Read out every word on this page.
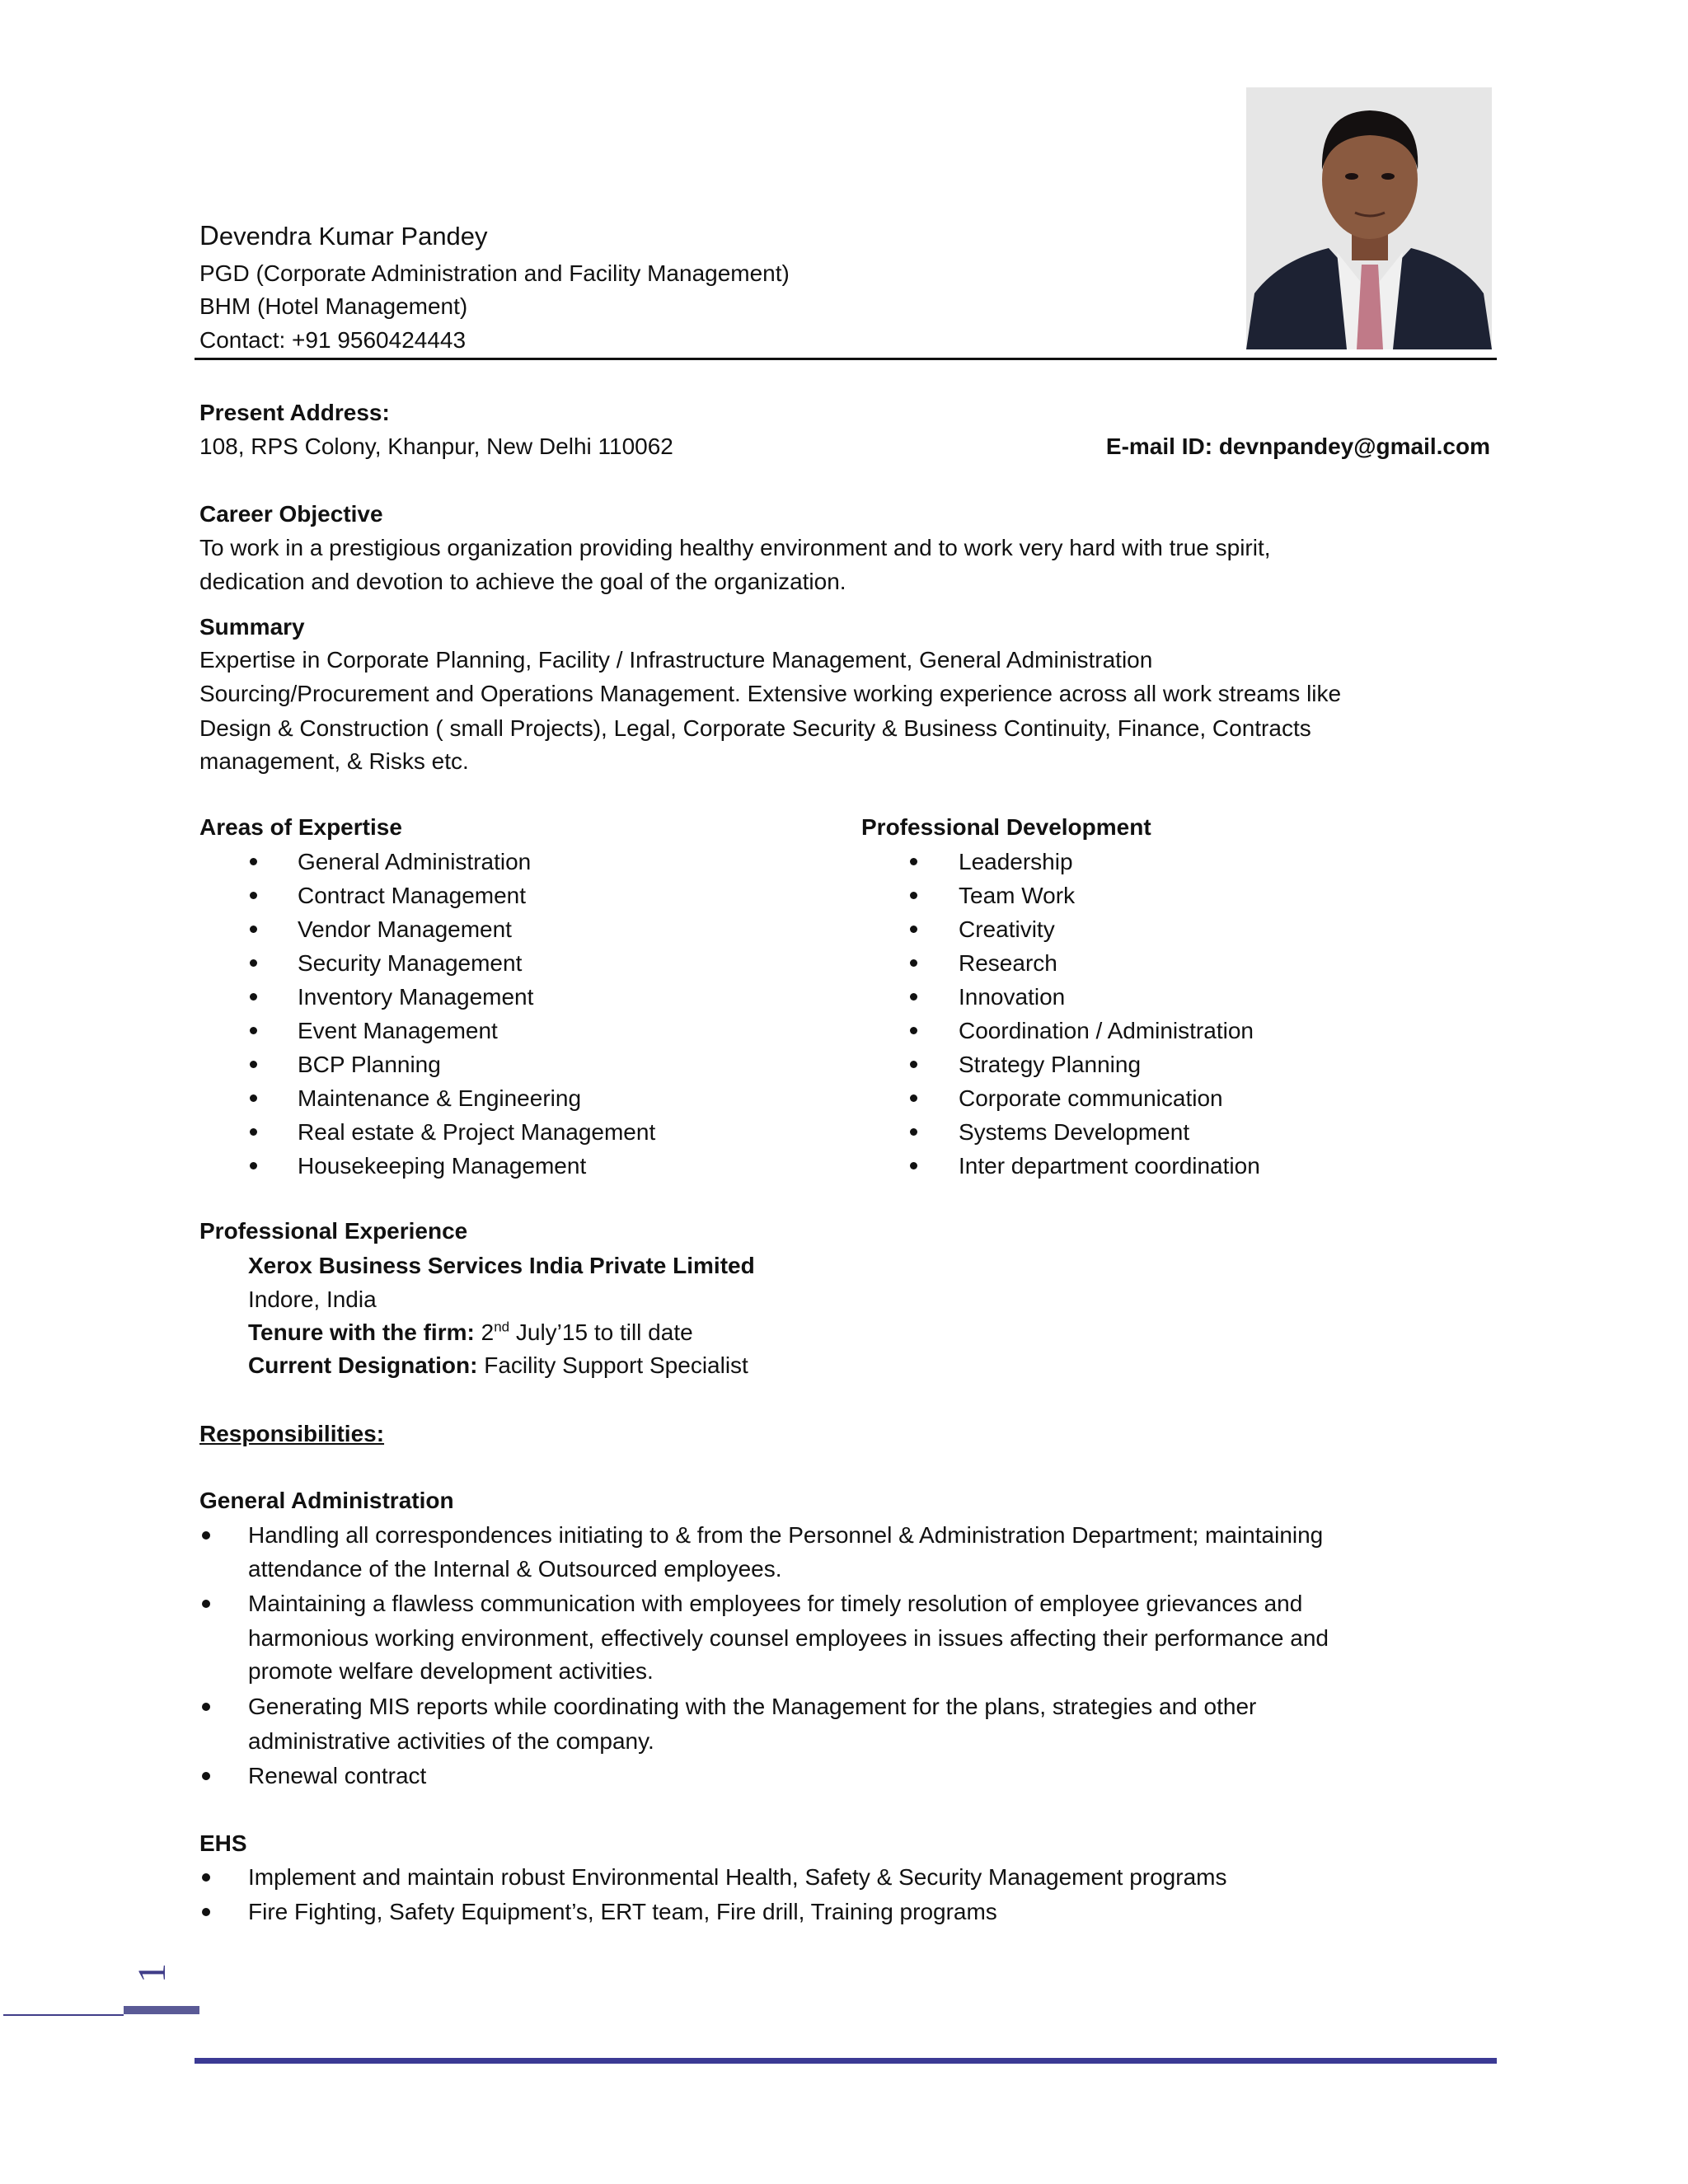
Devendra Kumar Pandey
PGD (Corporate Administration and Facility Management)
BHM (Hotel Management)
Contact: +91 9560424443
Present Address:
108, RPS Colony, Khanpur, New Delhi 110062	E-mail ID: devnpandey@gmail.com
Career Objective
To work in a prestigious organization providing healthy environment and to work very hard with true spirit,
dedication and devotion to achieve the goal of the organization.
Summary
Expertise in Corporate Planning, Facility / Infrastructure Management, General Administration
Sourcing/Procurement and Operations Management. Extensive working experience across all work streams like
Design & Construction ( small Projects), Legal, Corporate Security & Business Continuity, Finance, Contracts
management, & Risks etc.
Areas of Expertise
General Administration
Contract Management
Vendor Management
Security Management
Inventory Management
Event Management
BCP Planning
Maintenance & Engineering
Real estate & Project Management
Housekeeping Management
Professional Development
Leadership
Team Work
Creativity
Research
Innovation
Coordination / Administration
Strategy Planning
Corporate communication
Systems Development
Inter department coordination
Professional Experience
Xerox Business Services India Private Limited
Indore, India
Tenure with the firm: 2nd July’15 to till date
Current Designation: Facility Support Specialist
Responsibilities:
General Administration
Handling all correspondences initiating to & from the Personnel & Administration Department; maintaining
attendance of the Internal & Outsourced employees.
Maintaining a flawless communication with employees for timely resolution of employee grievances and
harmonious working environment, effectively counsel employees in issues affecting their performance and
promote welfare development activities.
Generating MIS reports while coordinating with the Management for the plans, strategies and other
administrative activities of the company.
Renewal contract
EHS
Implement and maintain robust Environmental Health, Safety & Security Management programs
Fire Fighting, Safety Equipment’s, ERT team, Fire drill, Training programs
1
